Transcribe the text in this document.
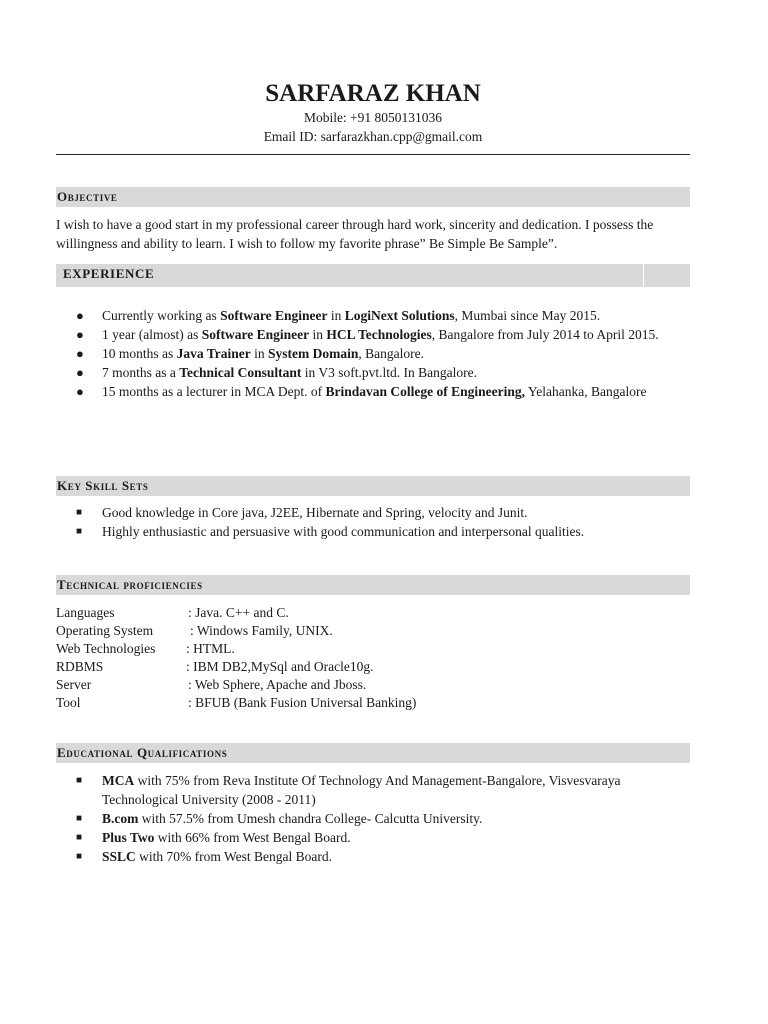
SARFARAZ KHAN
Mobile: +91 8050131036
Email ID: sarfarazkhan.cpp@gmail.com
Objective
I wish to have a good start in my professional career through hard work, sincerity and dedication. I possess the willingness and ability to learn. I wish to follow my favorite phrase” Be Simple Be Sample”.
EXPERIENCE
● Currently working as Software Engineer in LogiNext Solutions, Mumbai since May 2015.
● 1 year (almost) as Software Engineer in HCL Technologies, Bangalore from July 2014 to April 2015.
● 10 months as Java Trainer in System Domain, Bangalore.
● 7 months as a Technical Consultant in V3 soft.pvt.ltd. In Bangalore.
● 15 months as a lecturer in MCA Dept. of Brindavan College of Engineering, Yelahanka, Bangalore
Key Skill Sets
■ Good knowledge in Core java, J2EE, Hibernate and Spring, velocity and Junit.
■ Highly enthusiastic and persuasive with good communication and interpersonal qualities.
Technical proficiencies
Languages	: Java. C++ and C.
Operating System	: Windows Family, UNIX.
Web Technologies : HTML.
RDBMS	: IBM DB2,MySql and Oracle10g.
Server	: Web Sphere, Apache and Jboss.
Tool	: BFUB (Bank Fusion Universal Banking)
Educational Qualifications
■ MCA with 75% from Reva Institute Of Technology And Management-Bangalore, Visvesvaraya Technological University (2008 - 2011)
■ B.com with 57.5% from Umesh chandra College- Calcutta University.
■ Plus Two with 66% from West Bengal Board.
■ SSLC with 70% from West Bengal Board.
